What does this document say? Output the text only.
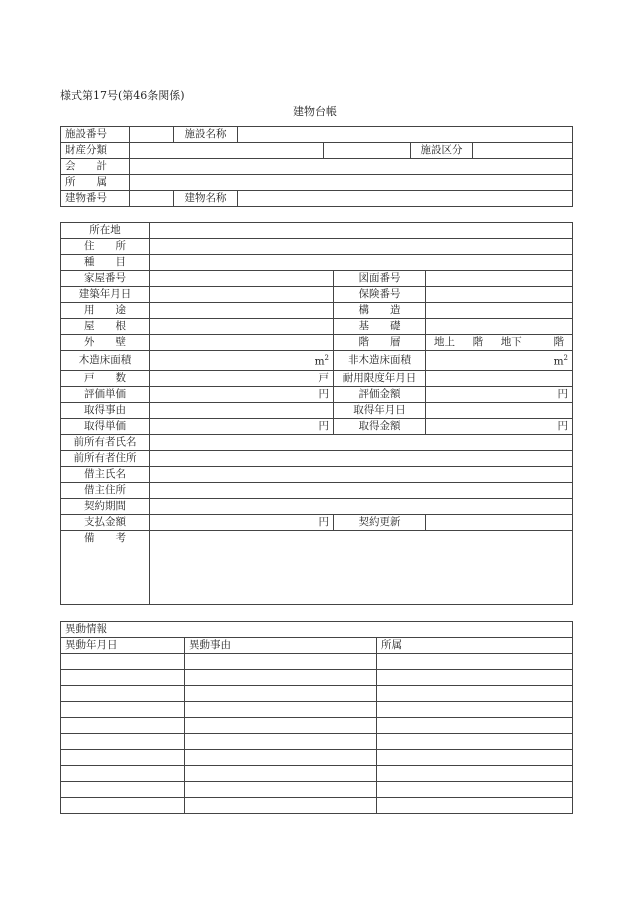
様式第17号(第46条関係)
建物台帳
施設番号		施設名称				
財産分類					施設区分	
会　　計						
所　　属						
建物番号		建物名称				
所在地			
住　　所			
種　　目			
家屋番号		図面番号	
建築年月日		保険番号	
用　　途		構　　造	
屋　　根		基　　礎	
外　　壁		階　　層	地上 階 地下 階

木造床面積	$m^2$	非木造床面積	$m^2$
戸　　数	戸	耐用限度年月日	
評価単価	円	評価金額	円
取得事由		取得年月日	
取得単価	円	取得金額	円
前所有者氏名			
前所有者住所			
借主氏名			
借主住所			
契約期間			
支払金額	円	契約更新	
備　　考			
異動情報		
異動年月日	異動事由	所属
